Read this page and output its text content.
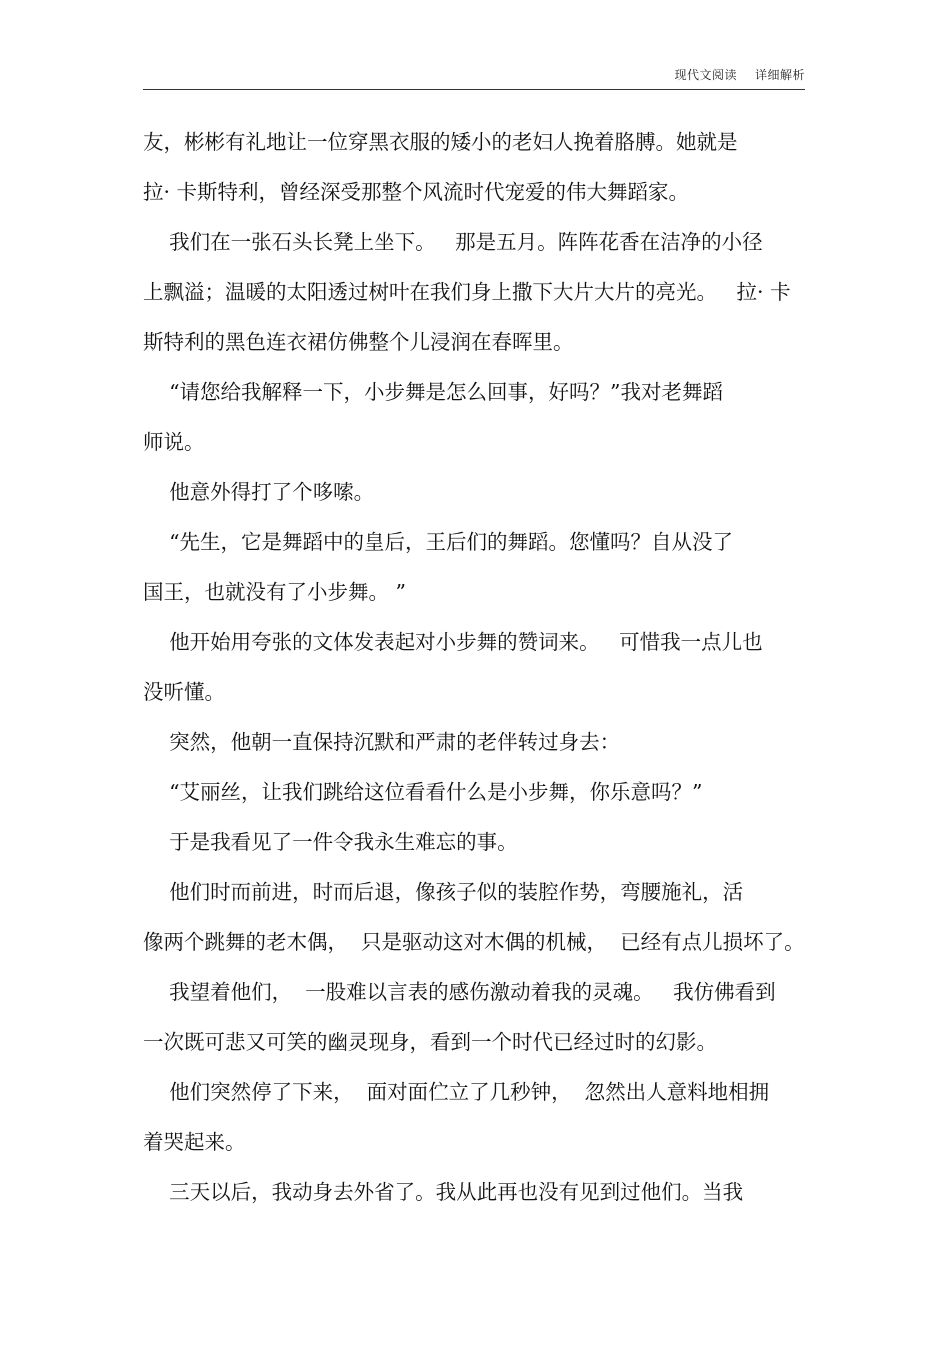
现代文阅读 详细解析
友，彬彬有礼地让一位穿黑衣服的矮小的老妇人挽着胳膊。她就是
拉· 卡斯特利，曾经深受那整个风流时代宠爱的伟大舞蹈家。
我们在一张石头长凳上坐下。   那是五月。阵阵花香在洁净的小径
上飘溢；温暖的太阳透过树叶在我们身上撒下大片大片的亮光。   拉· 卡
斯特利的黑色连衣裙仿佛整个儿浸润在春晖里。
“请您给我解释一下，小步舞是怎么回事，好吗？”我对老舞蹈
师说。
他意外得打了个哆嗦。
“先生，它是舞蹈中的皇后，王后们的舞蹈。您懂吗？自从没了
国王，也就没有了小步舞。 ”
他开始用夸张的文体发表起对小步舞的赞词来。   可惜我一点儿也
没听懂。
突然，他朝一直保持沉默和严肃的老伴转过身去：
“艾丽丝，让我们跳给这位看看什么是小步舞，你乐意吗？”
于是我看见了一件令我永生难忘的事。
他们时而前进，时而后退，像孩子似的装腔作势，弯腰施礼，活
像两个跳舞的老木偶，  只是驱动这对木偶的机械，  已经有点儿损坏了。
我望着他们，  一股难以言表的感伤激动着我的灵魂。   我仿佛看到
一次既可悲又可笑的幽灵现身，看到一个时代已经过时的幻影。
他们突然停了下来，  面对面伫立了几秒钟，  忽然出人意料地相拥
着哭起来。
三天以后，我动身去外省了。我从此再也没有见到过他们。当我
